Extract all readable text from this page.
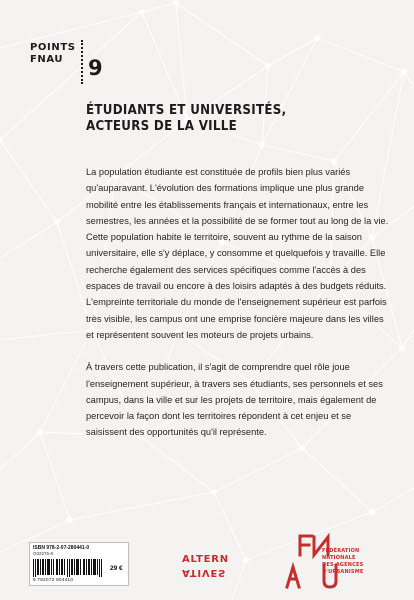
POINTS
FNAU	9
ÉTUDIANTS ET UNIVERSITÉS,
ACTEURS DE LA VILLE

La population étudiante est constituée de profils bien plus variés qu'auparavant. L'évolution des formations implique une plus grande mobilité entre les établissements français et internationaux, entre les semestres, les années et la possibilité de se former tout au long de la vie. Cette population habite le territoire, souvent au rythme de la saison universitaire, elle s'y déplace, y consomme et quelquefois y travaille. Elle recherche également des services spécifiques comme l'accès à des espaces de travail ou encore à des loisirs adaptés à des budgets réduits. L'empreinte territoriale du monde de l'enseignement supérieur est parfois très visible, les campus ont une emprise foncière majeure dans les villes et représentent souvent les moteurs de projets urbains.

À travers cette publication, il s'agit de comprendre quel rôle joue l'enseignement supérieur, à travers ses étudiants, ses personnels et ses campus, dans la ville et sur les projets de territoire, mais également de percevoir la façon dont les territoires répondent à cet enjeu et se saisissent des opportunités qu'il représente.

ISBN 978-2-07-280441-0
G02276-8
9 782072 804410
29 €
ALTERN
ATIVES
FÉDÉRATION
NATIONALE
DES AGENCES
D'URBANISME
